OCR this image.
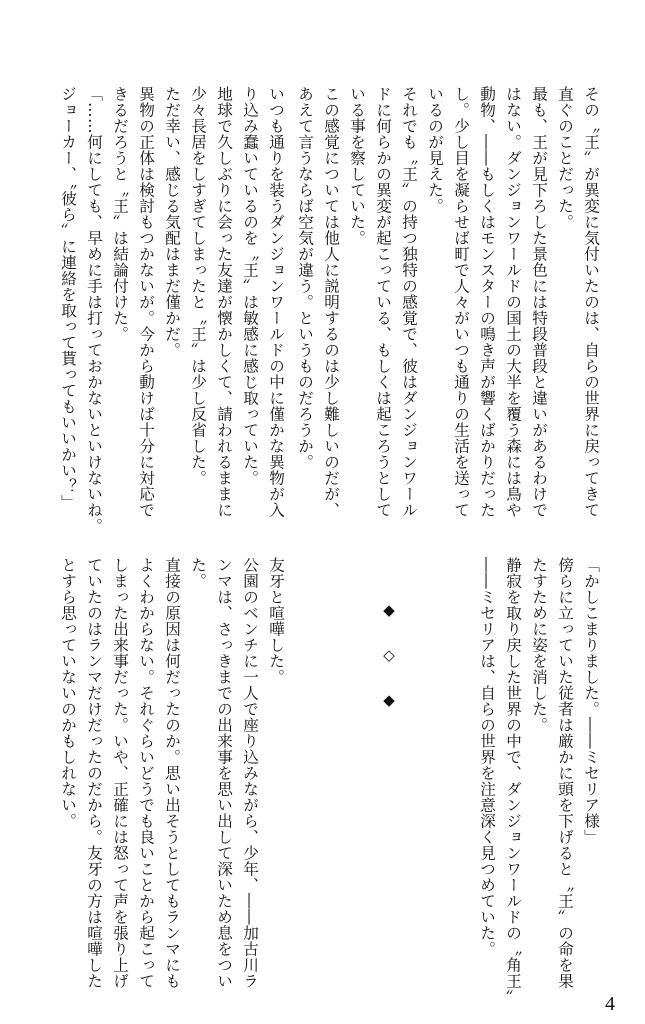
その〝王〟が異変に気付いたのは、自らの世界に戻ってきて
直ぐのことだった。
最も、王が見下ろした景色には特段普段と違いがあるわけで
はない。ダンジョンワールドの国土の大半を覆う森には鳥や
動物、――もしくはモンスターの鳴き声が響くばかりだった
し。少し目を凝らせば町で人々がいつも通りの生活を送って
いるのが見えた。
それでも〝王〟の持つ独特の感覚で、彼はダンジョンワール
ドに何らかの異変が起こっている、もしくは起ころうとして
いる事を察していた。
この感覚については他人に説明するのは少し難しいのだが、
あえて言うならば空気が違う。というものだろうか。
いつも通りを装うダンジョンワールドの中に僅かな異物が入
り込み蠢いているのを〝王〟は敏感に感じ取っていた。
地球で久しぶりに会った友達が懐かしくて、請われるままに
少々長居をしすぎてしまったと〝王〟は少し反省した。
ただ幸い、感じる気配はまだ僅かだ。
異物の正体は検討もつかないが。今から動けば十分に対応で
きるだろうと〝王〟は結論付けた。
「……何にしても、早めに手は打っておかないといけないね。
ジョーカー、〝彼ら〟に連絡を取って貰ってもいいかい？」
◆
◇
◆	「かしこまりました。――ミセリア様」
傍らに立っていた従者は厳かに頭を下げると〝王〟の命を果
たすために姿を消した。
静寂を取り戻した世界の中で、ダンジョンワールドの〝角王〟
――ミセリアは、自らの世界を注意深く見つめていた。
友牙と喧嘩した。
公園のベンチに一人で座り込みながら、少年、――加古川ラ
ンマは、さっきまでの出来事を思い出して深いため息をつい
た。
直接の原因は何だったのか。思い出そうとしてもランマにも
よくわからない。それぐらいどうでも良いことから起こって
しまった出来事だった。いや、正確には怒って声を張り上げ
ていたのはランマだけだったのだから。友牙の方は喧嘩した
とすら思っていないのかもしれない。
4
